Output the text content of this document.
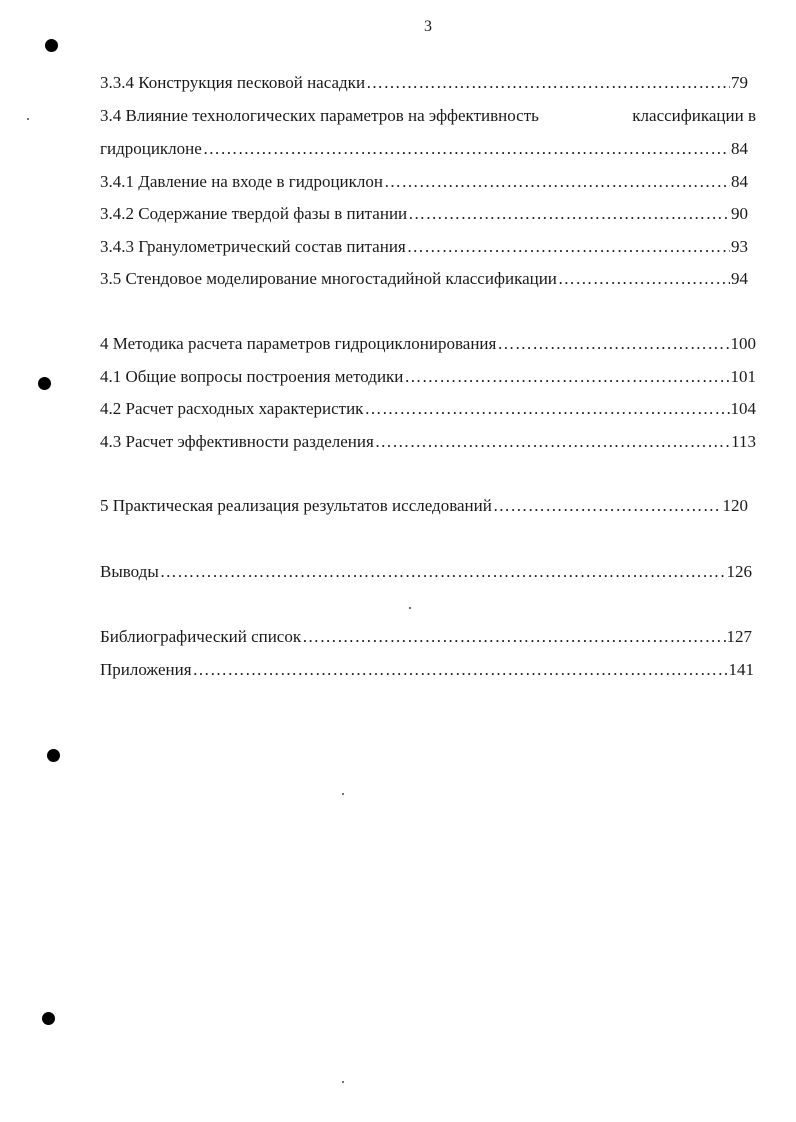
3
3.3.4 Конструкция песковой насадки ……………………………………………………………………………………………………………………………………………………………………	79
3.4 Влияние технологических параметров на эффективность	классификации в
гидроциклоне ……………………………………………………………………………………………………………………………………………………………………	84
3.4.1 Давление на входе в гидроциклон ……………………………………………………………………………………………………………………………………………………………………	84
3.4.2 Содержание твердой фазы в питании ……………………………………………………………………………………………………………………………………………………………………	90
3.4.3 Гранулометрический состав питания ……………………………………………………………………………………………………………………………………………………………………	93
3.5 Стендовое моделирование многостадийной классификации ……………………………………………………………………………………………………………………………………………………………………	94
4 Методика расчета параметров гидроциклонирования ……………………………………………………………………………………………………………………………………………………………………	100
4.1 Общие вопросы построения методики ……………………………………………………………………………………………………………………………………………………………………	101
4.2 Расчет расходных характеристик ……………………………………………………………………………………………………………………………………………………………………	104
4.3 Расчет эффективности разделения ……………………………………………………………………………………………………………………………………………………………………	113
5 Практическая реализация результатов исследований ……………………………………………………………………………………………………………………………………………………………………	120
Выводы ……………………………………………………………………………………………………………………………………………………………………	126
Библиографический список ……………………………………………………………………………………………………………………………………………………………………	127
Приложения ……………………………………………………………………………………………………………………………………………………………………	141
